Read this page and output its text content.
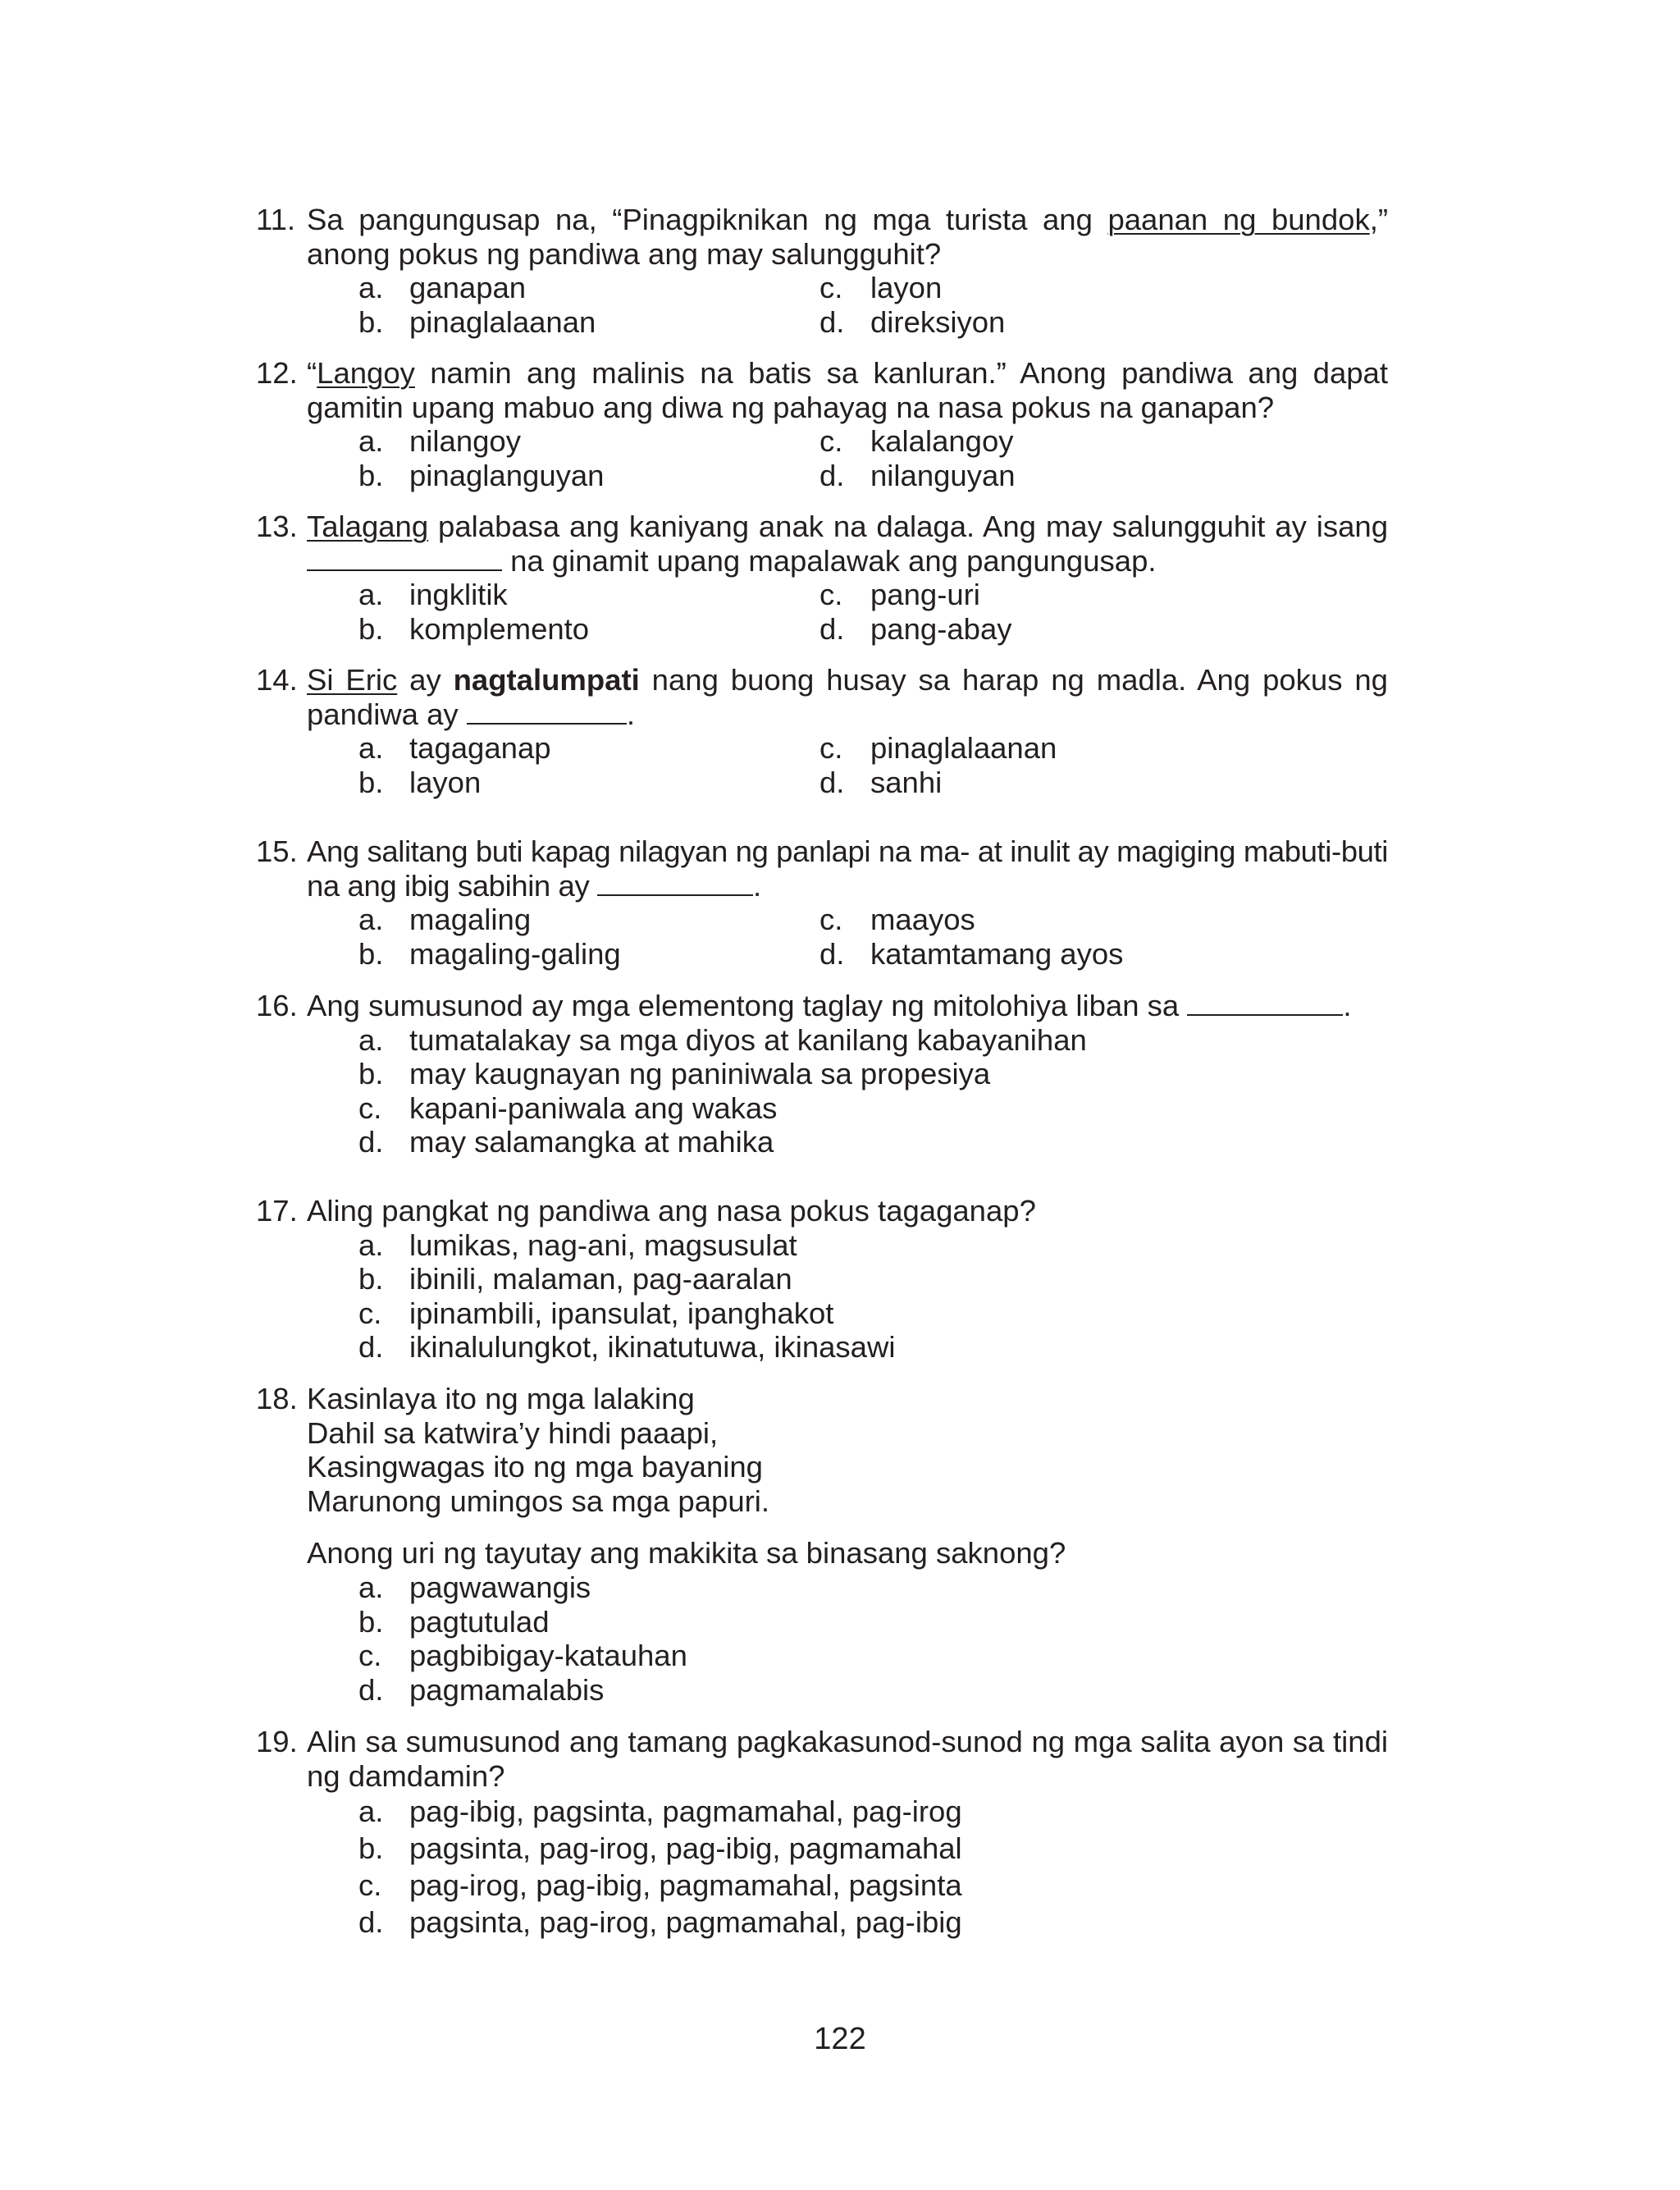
11. Sa pangungusap na, “Pinagpiknikan ng mga turista ang paanan ng bundok,” anong pokus ng pandiwa ang may salungguhit?
a. ganapan	c. layon
b. pinaglalaanan	d. direksiyon
12. “Langoy namin ang malinis na batis sa kanluran.” Anong pandiwa ang dapat gamitin upang mabuo ang diwa ng pahayag na nasa pokus na ganapan?
a. nilangoy	c. kalalangoy
b. pinaglanguyan	d. nilanguyan
13. Talagang palabasa ang kaniyang anak na dalaga. Ang may salungguhit ay isang  na ginamit upang mapalawak ang pangungusap.
a. ingklitik	c. pang-uri
b. komplemento	d. pang-abay
14. Si Eric ay nagtalumpati nang buong husay sa harap ng madla. Ang pokus ng pandiwa ay	.
a. tagaganap	c. pinaglalaanan
b. layon	d. sanhi
15. Ang salitang buti kapag nilagyan ng panlapi na ma- at inulit ay magiging mabuti-buti na ang ibig sabihin ay	.
a. magaling	c. maayos
b. magaling-galing	d. katamtamang ayos
16. Ang sumusunod ay mga elementong taglay ng mitolohiya liban sa	.
a. tumatalakay sa mga diyos at kanilang kabayanihan
b. may kaugnayan ng paniniwala sa propesiya
c. kapani-paniwala ang wakas
d. may salamangka at mahika
17. Aling pangkat ng pandiwa ang nasa pokus tagaganap?
a. lumikas, nag-ani, magsusulat
b. ibinili, malaman, pag-aaralan
c. ipinambili, ipansulat, ipanghakot
d. ikinalulungkot, ikinatutuwa, ikinasawi
18. Kasinlaya ito ng mga lalaking
Dahil sa katwira’y hindi paaapi,
Kasingwagas ito ng mga bayaning
Marunong umingos sa mga papuri.
Anong uri ng tayutay ang makikita sa binasang saknong?
a. pagwawangis
b. pagtutulad
c. pagbibigay-katauhan
d. pagmamalabis
19. Alin sa sumusunod ang tamang pagkakasunod-sunod ng mga salita ayon sa tindi ng damdamin?
a. pag-ibig, pagsinta, pagmamahal, pag-irog
b. pagsinta, pag-irog, pag-ibig, pagmamahal
c. pag-irog, pag-ibig, pagmamahal, pagsinta
d. pagsinta, pag-irog, pagmamahal, pag-ibig
122
